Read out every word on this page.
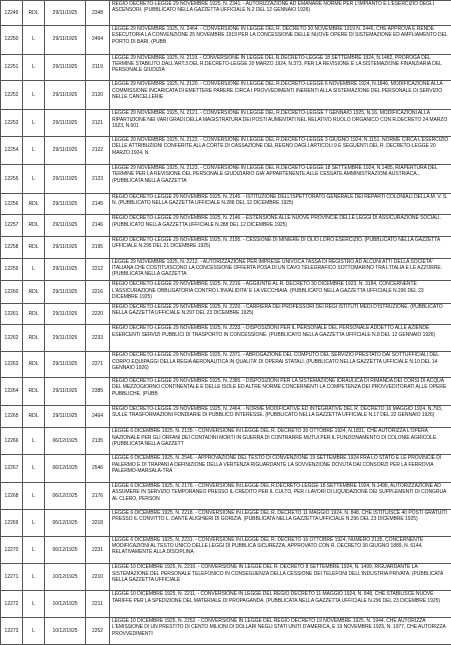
12249	RDL	29/11/1925	2348	REGIO DECRETO-LEGGE 29 NOVEMBRE 1925, N. 2341. - AUTORIZZAZIONE AD EMANARE NORME PER L'IMPIANTO E L'ESERCIZIO DEGLI ASCENSORI. (PUBBLICATO NELLA GAZZETTA UFFICIALE N.2 DEL 12 GENNAIO 1926)
12250	L	29/11/1925	2464	LEGGE 29 NOVEMBRE 1925, N. 2464. - CONVERSIONE IN LEGGE DEL R. DECRETO 30 NOVEMBRE 1919 N. 2446, CHE APPROVA E RENDE ESECUTORIA LA CONVENZIONE 25 NOVEMBRE 1919 PER LA CONCESSIONE DELLE NUOVE OPERE DI SISTEMAZIONE ED AMPLIAMENTO DEL PORTO DI BARI. (PUBB
12251	L	29/11/1925	2119	LEGGE 29 NOVEMBRE 1925, N. 2119. - CONVERSIONE IN LEGGE DEL R.DECRETO-LEGGE 18 SETTEMBRE 1924, N.1482, PROROGA DEL TERMINE STABILITO DALL'ART.3 DEL R.DECRETO-LEGGE 20 MARZO 1924, N.373, PER LA REVISIONE E LA SISTEMAZIONE FINANZIARIA DEL PERSONALE GIUDIZIA
12252	L	29/11/1925	2120	LEGGE 29 NOVEMBRE 1925, N. 2120. - CONVERSIONE IN LEGGE DEL R.DECRETO-LEGGE 6 NOVEMBRE 1924, N.1846, MODIFICAZIONE ALLA COMMISSIONE INCARICATA DI EMETTERE PARERE CIRCA I PROVVEDIMENTI INERENTI ALLA SISTEMAZIONE DEL PERSONALE DI SERVIZIO NELLE CANCELLERIE
12253	L	29/11/1925	2121	LEGGE 29 NOVEMBRE 1925, N. 2121. - CONVERSIONE IN LEGGE DEL R.DECRETO-LEGGE 7 GENNAIO 1925, N.16, MODIFICAZIONI ALLA RIPARTIZIONE NEI VARI GRADI DELLA MAGISTRATURA DEI POSTI AUMENTATI NEL RELATIVO RUOLO ORGANICO CON R.DECRETO 24 MARZO 1923, N.601
12254	L	29/11/1925	2122	LEGGE 29 NOVEMBRE 1925, N. 2122. - CONVERSIONE IN LEGGE DEL R.DECRETO-LEGGE 3 GIUGNO 1924, N.1151, NORME CIRCA L'ESERCIZIO DELLE ATTRIBUZIONI CONFERITE ALLA CORTE DI CASSAZIONE DEL REGNO DAGLI ARTICOLI 9 E SEGUENTI DEL R. DECRETO-LEGGE 20 MARZO 1924, N.
12255	L	29/11/1925	2123	LEGGE 29 NOVEMBRE 1925, N. 2123. - CONVERSIONE IN LEGGE DEL R.DECRETO-LEGGE 18 SETTEMBRE 1924, N.1485, RIAPERTURA DEL TERMINE PER LA REVISIONE DEL PERSONALE GIUDIZIARIO GIA' APPARTENENTE ALLE CESSATE AMMINISTRAZIONI AUSTRIACA... (PUBBLICATA NELLA GAZZETTA
12256	RDL	29/11/1925	2145	REGIO DECRETO-LEGGE 29 NOVEMBRE 1925, N. 2145. - ISTITUZIONE DELL'ISPETTORATO GENERALE DEI REPARTI COLONIALI DELLA M. V. S. N. (PUBBLICATO NELLA GAZZETTA UFFICIALE N.288 DEL 12 DICEMBRE 1925)
12257	RDL	29/11/1925	2146	REGIO DECRETO-LEGGE 29 NOVEMBRE 1925, N. 2146. - ESTENSIONE ALLE NUOVE PROVINCIE DELLE LEGGI DI ASSICURAZIONE SOCIALI. (PUBBLICATO NELLA GAZZETTA UFFICIALE N.288 DEL 12 DICEMBRE 1925)
12258	RDL	29/11/1925	2195	REGIO DECRETO-LEGGE 29 NOVEMBRE 1925, N. 2195. - CESSIONE DI MINIERE DI OLIO LORO ESERCIZIO. (PUBBLICATO NELLA GAZZETTA UFFICIALE N.295 DEL 21 DICEMBRE 1925)
12259	L	29/11/1925	2212	LEGGE 29 NOVEMBRE 1925, N. 2212. - AUTORIZZAZIONE PER IMPRESE UNIVOCA TASSA DI REGISTRO AD ALCUNI ATTI DELLA SOCIETA' ITALIANA CHE COSTITUISCONO LA CONCESSIONE OFFERTA POSA DI UN CAVO TELEGRAFICO SOTTOMARINO TRA L'ITALIA E LE AZZORRE. (PUBBLICATA NELLA GAZZETTA
12260	RDL	29/11/1925	2216	REGIO DECRETO-LEGGE 29 NOVEMBRE 1925, N. 2216. - AGGIUNTE AL R. DECRETO 30 DICEMBRE 1923, N. 3184, CONCERNENTE L'ASSICURAZIONE OBBLIGATORIA CONTRO L'INVALIDITA' E LA VECCHIAIA. (PUBBLICATO NELLA GAZZETTA UFFICIALE N.296 DEL 23 DICEMBRE 1925)
12261	RDL	29/11/1925	2220	REGIO DECRETO-LEGGE 29 NOVEMBRE 1925, N. 2220. - CARRIERA DEI PROFESSORI DEI REGI ISTITUTI MEDI D'ISTRUZIONE. (PUBBLICATO NELLA GAZZETTA UFFICIALE N.297 DEL 23 DICEMBRE 1925)
12262	RDL	29/11/1925	2233	REGIO DECRETO-LEGGE 29 NOVEMBRE 1925, N. 2233. - DISPOSIZIONI PER IL PERSONALE DEL PERSONALE ADDETTO ALLE AZIENDE ESERCENTI SERVIZI PUBBLICI DI TRASPORTO IN CONCESSIONE. (PUBBLICATO NELLA GAZZETTA UFFICIALE N.8 DEL 12 GENNAIO 1926)
12263	RDL	29/11/1925	2371	REGIO DECRETO-LEGGE 29 NOVEMBRE 1925, N. 2371. - ABROGAZIONE DEL COMPUTO DEL SERVIZIO PRESTATO DAI SOTTUFFICIALI DEL CORPO EQUIPAGGI DELLA REGIA AERONAUTICA IN QUALITA' DI OPERAI STATALI. (PUBBLICATO NELLA GAZZETTA UFFICIALE N.10 DEL 14 GENNAIO 1926)
12264	RDL	29/11/1925	2385	REGIO DECRETO-LEGGE 29 NOVEMBRE 1925, N. 2385. - DISPOSIZIONI PER LA SISTEMAZIONE IDRAULICA DI RIMANDA DEI CORSI DI ACQUA DEL MEZZOGIORNO CONTINENTALE E DELLE ISOLE ED ALTRE NORME CONCERNENTI LA COMPETENZA DEI PROVVEDITORATI ALLE OPERE PUBBLICHE. (PUBB
12265	RDL	29/11/1925	2464	REGIO DECRETO-LEGGE 29 NOVEMBRE 1925, N. 2464. - NORME MODIFICATIVE ED INTEGRATIVE DEL R. DECRETO 16 MAGGIO 1924, N.793, SULLE TRASFORMAZIONI FONDIARIE DI PUBBLICO INTERESSE. (PUBBLICATO NELLA GAZZETTA UFFICIALE N.17 DEL 22 GENNAIO 1926)
12266	L	06/12/1925	2135	LEGGE 6 DICEMBRE 1925, N. 2135. - CONVERSIONE IN LEGGE DEL R. DECRETO 30 OTTOBRE 1924, N.1831, CHE AUTORIZZA L'OPERA NAZIONALE PER GLI ORFANI DEI CONTADINI MORTI IN GUERRA DI CONTRARRE MUTUI PER IL FUNZIONAMENTO DI COLONIE AGRICOLE. (PUBBLICATA NELLA GAZZETT
12267	L	06/12/1925	2546	LEGGE 6 DICEMBRE 1925, N. 2546. - APPROVAZIONE DEL TESTO DI CONVENZIONE 19 SETTEMBRE 1924 FRA LO STATO E LE PROVINCIE DI PALERMO E DI TRAPANI A DEFINIZIONE DELLA VERTENZA RIGUARDANTE LA SOVVENZIONE DOVUTA DAI CONSORZI PER LA FERROVIA PALERMO-MARSALA-TRA
12268	L	06/12/1925	2176	LEGGE 6 DICEMBRE 1925, N. 2176. - CONVERSIONE IN LEGGE DEL R.DECRETO-LEGGE 18 SETTEMBRE 1924, N.1496, AUTORIZZAZIONE AD ASSUMERE IN SERVIZIO TEMPORANEO PRESSO IL CREDITO PER IL CULTO, PER I LAVORI DI LIQUIDAZIONE DEI SUPPLEMENTI DI CONGRUA AL CLERO, PERSON
12269	L	06/12/1925	2218	LEGGE 6 DICEMBRE 1925, N. 2218. - CONVERSIONE IN LEGGE DEL R. DECRETO 11 MAGGIO 1924, N. 848, CHE ISTITUISCE 40 POSTI GRATUITI PRESSO IL CONVITTO L. DANTE ALIGHIERI DI GORIZIA. (PUBBLICATA NELLA GAZZETTA UFFICIALE N.296 DEL 23 DICEMBRE 1925)
12270	L	06/12/1925	2231	LEGGE 6 DICEMBRE 1925, N. 2231. - CONVERSIONE IN LEGGE DEL R. DECRETO 16 OTTOBRE 1924, NUMERO 2135, CONCERNENTE MODIFICAZIONI AL TESTO UNICO DELLE LEGGI DI PUBBLICA SICUREZZA, APPROVATO CON R. DECRETO 30 GIUGNO 1889, N. 6144, RELATIVAMENTE ALLA DISCIPLINA
12271	L	10/12/1925	2210	LEGGE 10 DICEMBRE 1925, N. 2210. - CONVERSIONE IN LEGGE DEL R. DECRETO 8 SETTEMBRE 1924, N. 1499, RIGUARDANTE LA SISTEMAZIONE DEL PERSONALE TELEFONICO IN CONSEGUENZA DELLA CESSIONE DEI TELEFONI DELL'INDUSTRIA PRIVATA. (PUBBLICATA NELLA GAZZETTA UFFICIALE
12272	L	10/12/1925	2211	LEGGE 10 DICEMBRE 1925, N. 2211. - CONVERSIONE IN LEGGE DEL REGIO DECRETO 11 MAGGIO 1924, N. 848, CHE STABILISCE NUOVE TARIFFE PER LA SPEDIZIONE DEL MATERIALE DI PROPAGANDA. (PUBBLICATA NELLA GAZZETTA UFFICIALE N.296 DEL 23 DICEMBRE 1925)
12273	L	10/12/1925	2252	LEGGE 10 DICEMBRE 1925, N. 2252. - CONVERSIONE IN LEGGE DEL REGIO DECRETO 19 NOVEMBRE 1925, N. 1944, CHE AUTORIZZA L'EMISSIONE DI UN PRESTITO DI CENTO MILIONI DI DOLLARI NEGLI STATI UNITI D'AMERICA, E 19 NOVEMBRE 1925, N. 1977, CHE AUTORIZZA PROVVEDIMENTI
